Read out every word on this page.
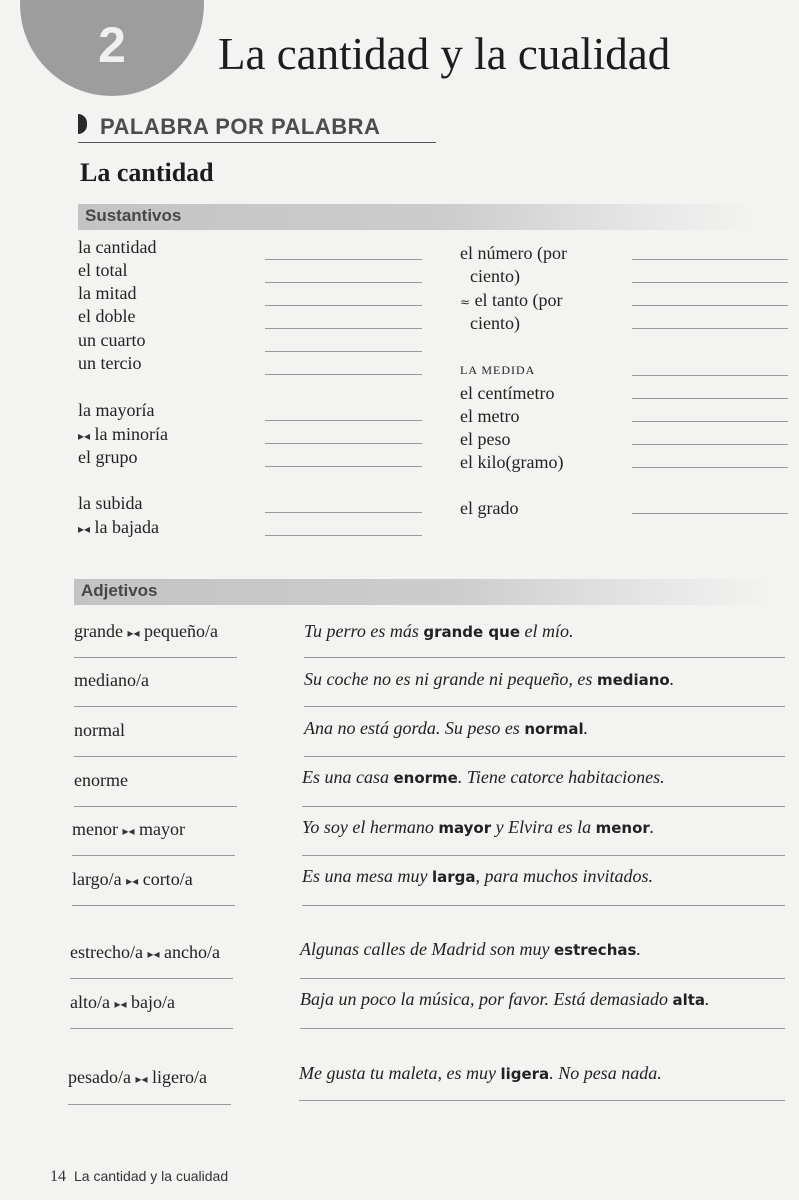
2	La cantidad y la cualidad
PALABRA POR PALABRA
La cantidad
Sustantivos
la cantidad
el total
la mitad
el doble
un cuarto
un tercio
la mayoría
▸◂ la minoría
el grupo
la subida
▸◂ la bajada
el número (por
ciento)
≈ el tanto (por
ciento)
LA MEDIDA
el centímetro
el metro
el peso
el kilo(gramo)
el grado
Adjetivos
grande ▸◂ pequeño/a	Tu perro es más grande que el mío.
mediano/a	Su coche no es ni grande ni pequeño, es mediano.
normal	Ana no está gorda. Su peso es normal.
enorme	Es una casa enorme. Tiene catorce habitaciones.
menor ▸◂ mayor	Yo soy el hermano mayor y Elvira es la menor.
largo/a ▸◂ corto/a	Es una mesa muy larga, para muchos invitados.
estrecho/a ▸◂ ancho/a	Algunas calles de Madrid son muy estrechas.
alto/a ▸◂ bajo/a	Baja un poco la música, por favor. Está demasiado alta.
pesado/a ▸◂ ligero/a	Me gusta tu maleta, es muy ligera. No pesa nada.
14 La cantidad y la cualidad
